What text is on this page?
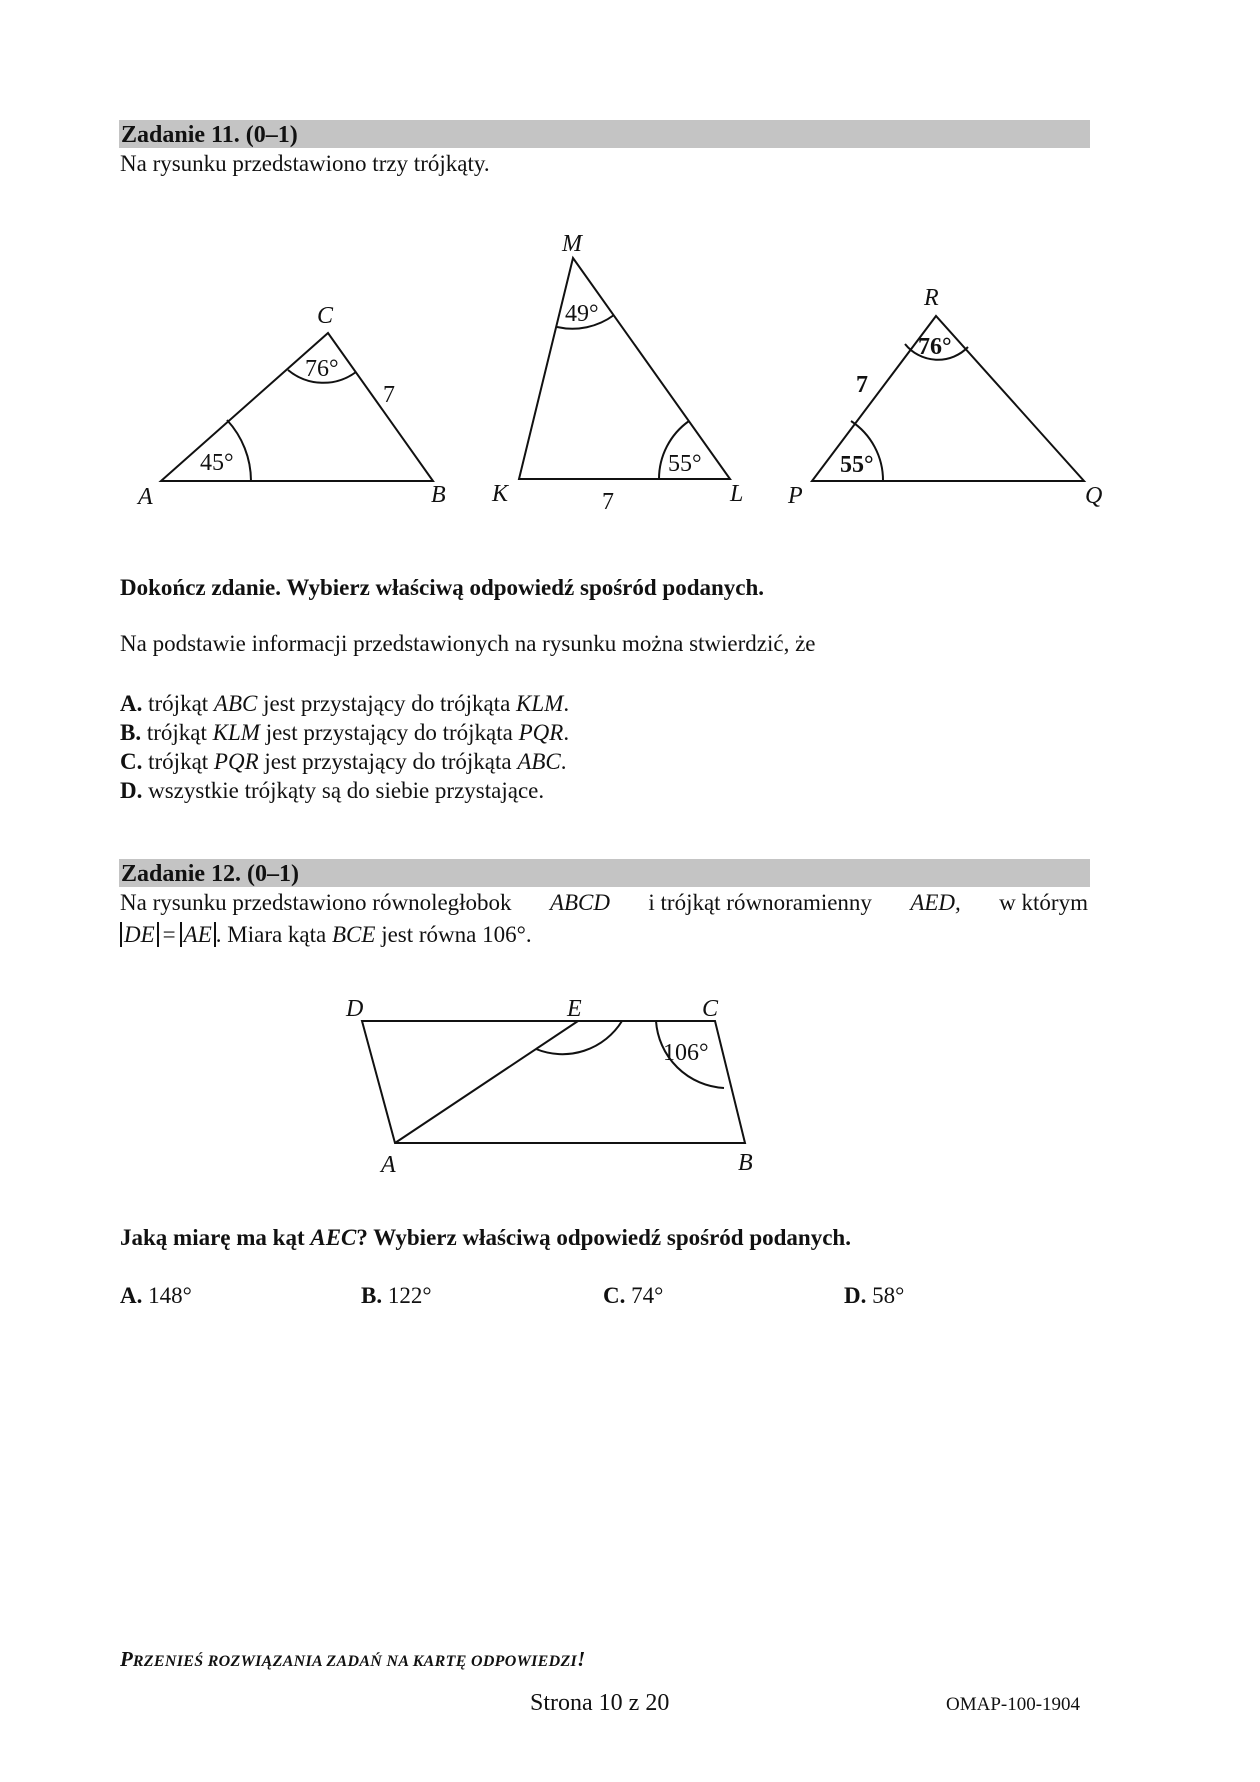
Zadanie 11. (0–1)
Na rysunku przedstawiono trzy trójkąty.
A	B
C
45°
76°
7
K	L
M
49°
55°
7	P	Q
R
76°
55°
7
Dokończ zdanie. Wybierz właściwą odpowiedź spośród podanych.
Na podstawie informacji przedstawionych na rysunku można stwierdzić, że
A. trójkąt ABC jest przystający do trójkąta KLM.
B. trójkąt KLM jest przystający do trójkąta PQR.
C. trójkąt PQR jest przystający do trójkąta ABC.
D. wszystkie trójkąty są do siebie przystające.
Zadanie 12. (0–1)
Na rysunku przedstawiono równoległobok ABCD i trójkąt równoramienny AED, w którym
DE = AE . Miara kąta BCE jest równa 106°.
D	E	C
A	B
106°
Jaką miarę ma kąt AEC? Wybierz właściwą odpowiedź spośród podanych.
A. 148°	B. 122°	C. 74°	D. 58°
PRZENIEŚ ROZWIĄZANIA ZADAŃ NA KARTĘ ODPOWIEDZI!
Strona 10 z 20	OMAP-100-1904
